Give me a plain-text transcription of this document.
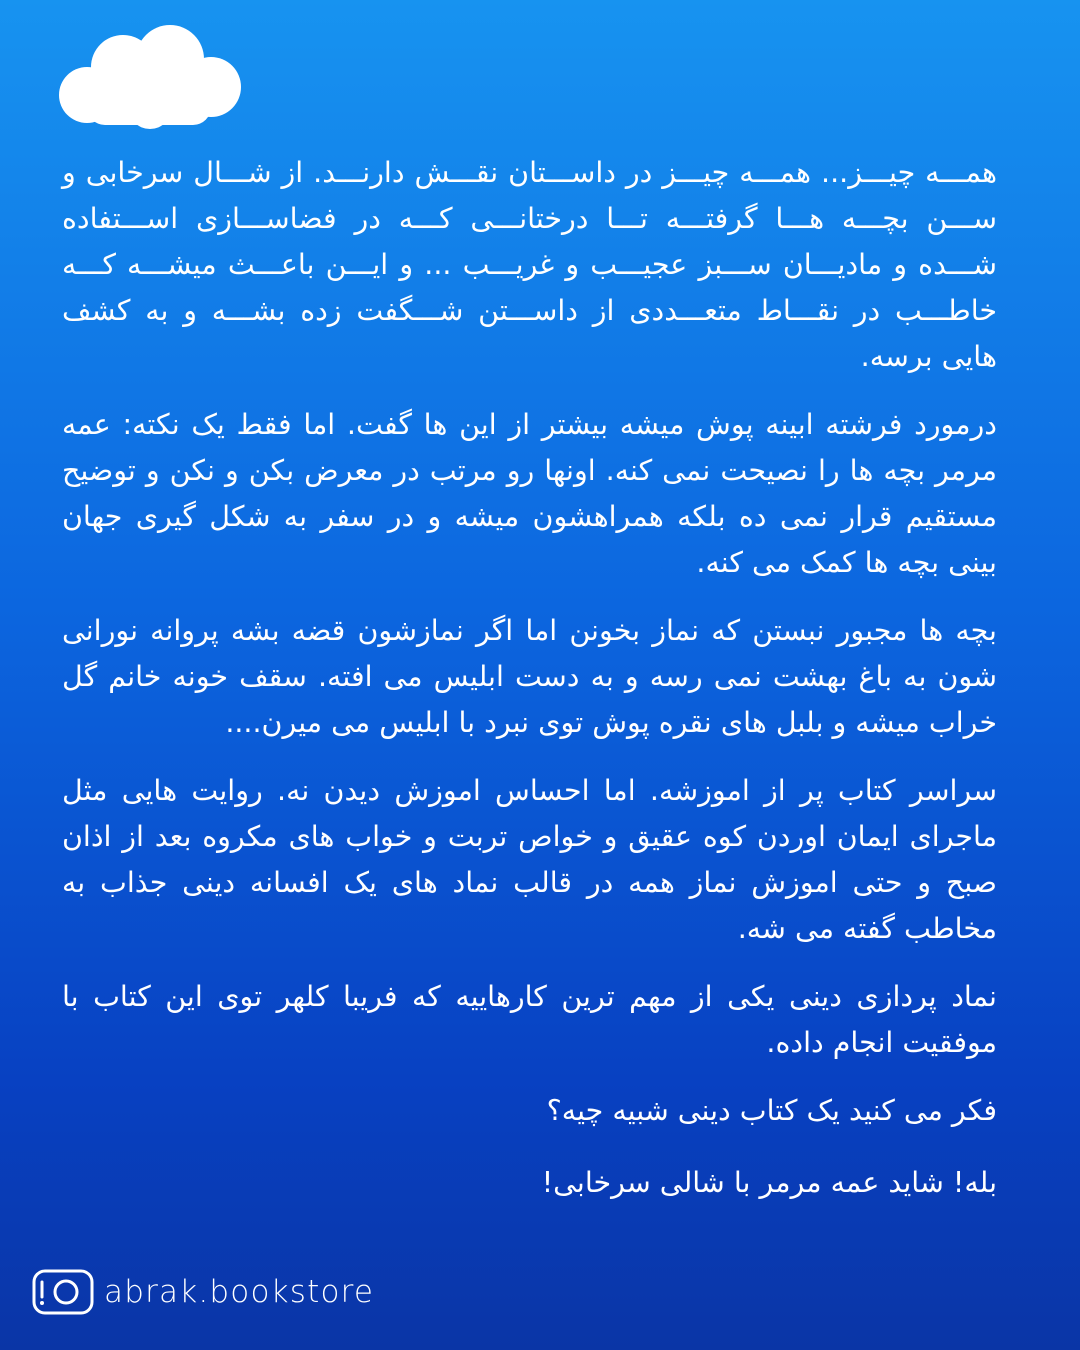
همـــه چیـــز... همـــه چیـــز در داســـتان نقـــش دارنـــد. از شـــال سرخابی و ســـن بچـــه هـــا گرفتـــه تـــا درختانـــی کـــه در فضاســـازی اســـتفاده شـــده و مادیـــان ســـبز عجیـــب و غریـــب ... و ایـــن باعـــث میشـــه کـــه خاطـــب در نقـــاط متعـــددی از داســـتن شـــگفت زده بشـــه و به کشف هایی برسه.

درمورد فرشته ابینه پوش میشه بیشتر از این ها گفت. اما فقط یک نکته: عمه مرمر بچه ها را نصیحت نمی کنه. اونها رو مرتب در معرض بکن و نکن و توضیح مستقیم قرار نمی ده بلکه همراهشون میشه و در سفر به شکل گیری جهان بینی بچه ها کمک می کنه.

بچه ها مجبور نبستن که نماز بخونن اما اگر نمازشون قضه بشه پروانه نورانی شون به باغ بهشت نمی رسه و به دست ابلیس می افته. سقف خونه خانم گل خراب میشه و بلبل های نقره پوش توی نبرد با ابلیس می میرن....

سراسر کتاب پر از اموزشه. اما احساس اموزش دیدن نه. روایت هایی مثل ماجرای ایمان اوردن کوه عقیق و خواص تربت و خواب های مکروه بعد از اذان صبح و حتی اموزش نماز همه در قالب نماد های یک افسانه دینی جذاب به مخاطب گفته می شه.

نماد پردازی دینی یکی از مهم ترین کارهاییه که فریبا کلهر توی این کتاب با موفقیت انجام داده.

فکر می کنید یک کتاب دینی شبیه چیه؟

بله! شاید عمه مرمر با شالی سرخابی!

abrak.bookstore
